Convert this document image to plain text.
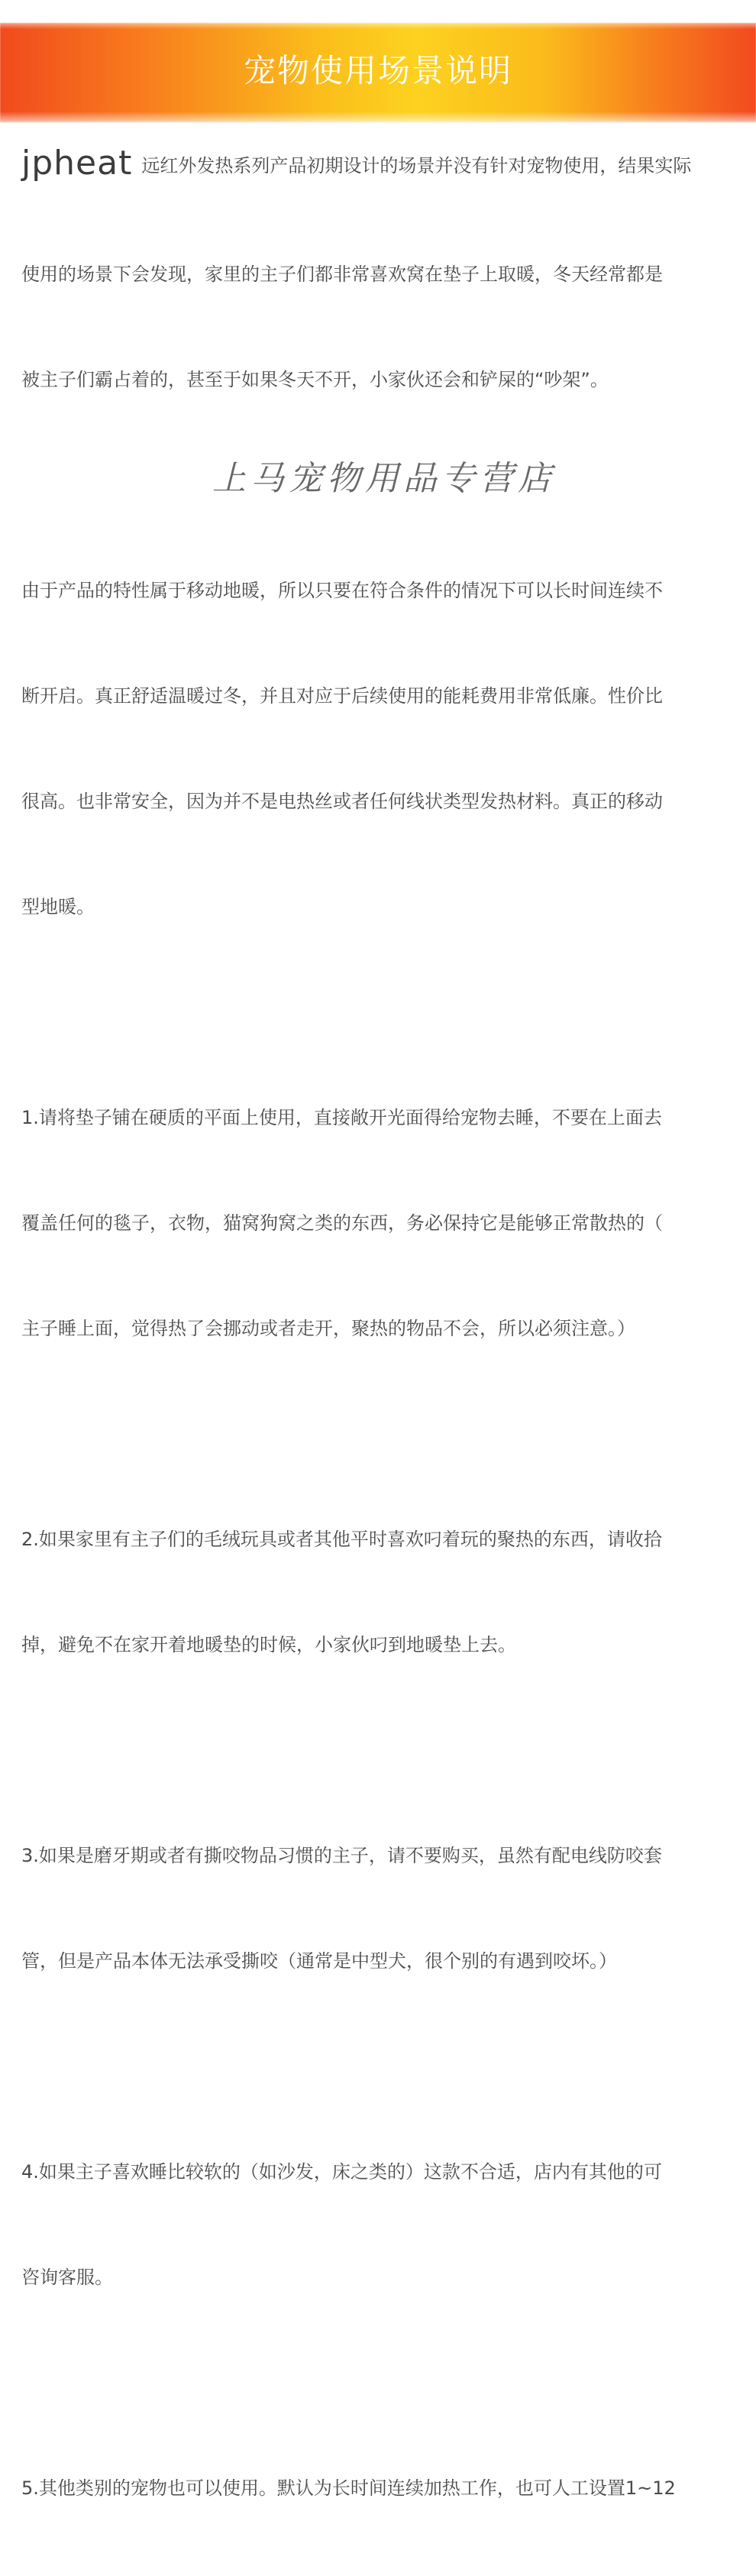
宠物使用场景说明
jpheat 远红外发热系列产品初期设计的场景并没有针对宠物使用，结果实际

使用的场景下会发现，家里的主子们都非常喜欢窝在垫子上取暖，冬天经常都是

被主子们霸占着的，甚至于如果冬天不开，小家伙还会和铲屎的“吵架”。

由于产品的特性属于移动地暖，所以只要在符合条件的情况下可以长时间连续不

断开启。真正舒适温暖过冬，并且对应于后续使用的能耗费用非常低廉。性价比

很高。也非常安全，因为并不是电热丝或者任何线状类型发热材料。真正的移动

型地暖。

1.请将垫子铺在硬质的平面上使用，直接敞开光面得给宠物去睡，不要在上面去

覆盖任何的毯子，衣物，猫窝狗窝之类的东西，务必保持它是能够正常散热的（

主子睡上面，觉得热了会挪动或者走开，聚热的物品不会，所以必须注意。）

2.如果家里有主子们的毛绒玩具或者其他平时喜欢叼着玩的聚热的东西，请收拾

掉，避免不在家开着地暖垫的时候，小家伙叼到地暖垫上去。

3.如果是磨牙期或者有撕咬物品习惯的主子，请不要购买，虽然有配电线防咬套

管，但是产品本体无法承受撕咬（通常是中型犬，很个别的有遇到咬坏。）

4.如果主子喜欢睡比较软的（如沙发，床之类的）这款不合适，店内有其他的可

咨询客服。

5.其他类别的宠物也可以使用。默认为长时间连续加热工作，也可人工设置1~12

上马宠物用品专营店
